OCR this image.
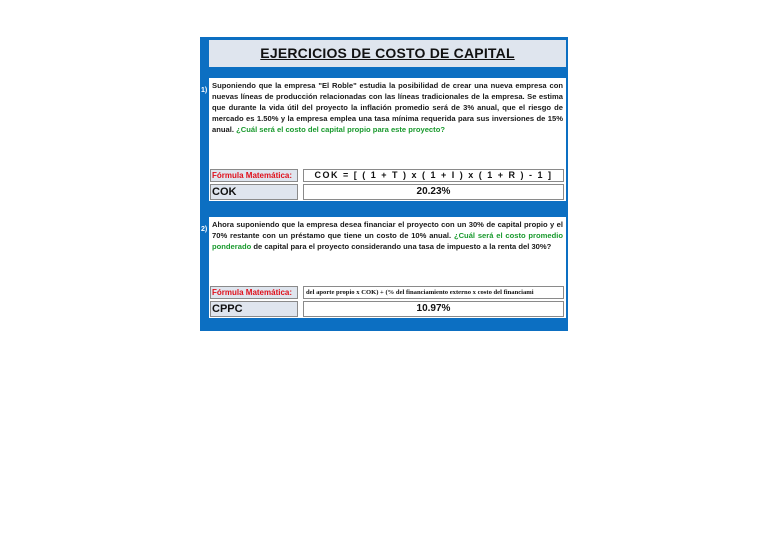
EJERCICIOS DE COSTO DE CAPITAL
1)

Suponiendo que la empresa "El Roble" estudia la posibilidad de crear una nueva empresa con nuevas líneas de producción relacionadas con las líneas tradicionales de la empresa. Se estima que durante la vida útil del proyecto la inflación promedio será de 3% anual, que el riesgo de mercado es 1.50% y la empresa emplea una tasa mínima requerida para sus inversiones de 15% anual. ¿Cuál será el costo del capital propio para este proyecto?

Fórmula Matemática:	COK = [ ( 1 + T ) x ( 1 + I ) x ( 1 + R ) - 1 ]
COK	20.23%
2)

Ahora suponiendo que la empresa desea financiar el proyecto con un 30% de capital propio y el 70% restante con un préstamo que tiene un costo de 10% anual. ¿Cuál será el costo promedio ponderado de capital para el proyecto considerando una tasa de impuesto a la renta del 30%?

Fórmula Matemática:	del aporte propio x COK) + (% del financiamiento externo x costo del financiami
CPPC	10.97%
